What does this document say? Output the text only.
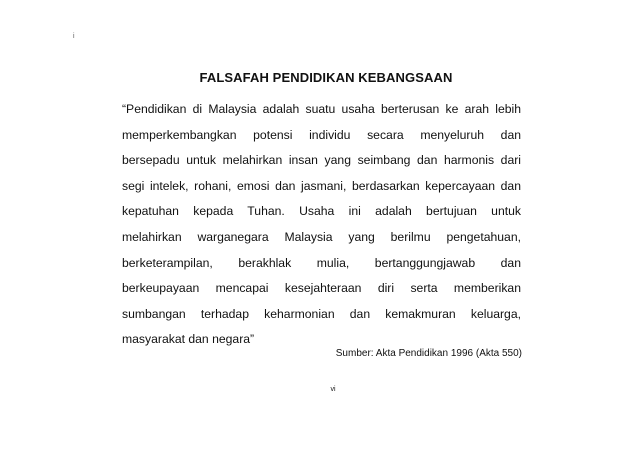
i
FALSAFAH PENDIDIKAN KEBANGSAAN
“Pendidikan di Malaysia adalah suatu usaha berterusan ke arah lebih
memperkembangkan potensi individu secara menyeluruh dan
bersepadu untuk melahirkan insan yang seimbang dan harmonis dari
segi intelek, rohani, emosi dan jasmani, berdasarkan kepercayaan dan
kepatuhan kepada Tuhan. Usaha ini adalah bertujuan untuk
melahirkan warganegara Malaysia yang berilmu pengetahuan,
berketerampilan, berakhlak mulia, bertanggungjawab dan
berkeupayaan mencapai kesejahteraan diri serta memberikan
sumbangan terhadap keharmonian dan kemakmuran keluarga,
masyarakat dan negara”
Sumber: Akta Pendidikan 1996 (Akta 550)
vi
